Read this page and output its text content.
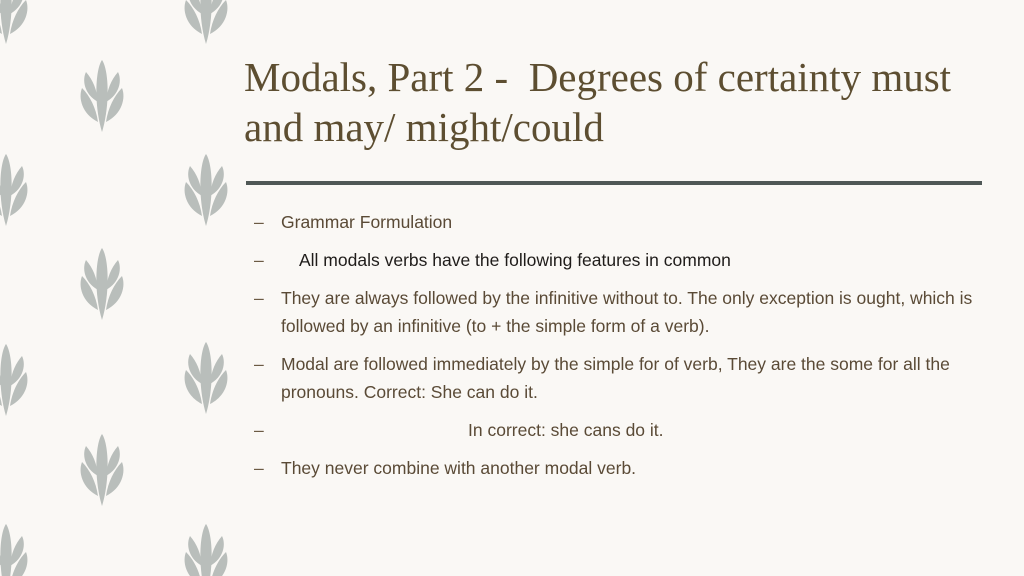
Modals, Part 2 -  Degrees of certainty must and may/ might/could
– Grammar Formulation
– All modals verbs have the following features in common
– They are always followed by the infinitive without to. The only exception is ought, which is followed by an infinitive (to + the simple form of a verb).
– Modal are followed immediately by the simple for of verb, They are the some for all the pronouns. Correct: She can do it.
–	In correct: she cans do it.
– They never combine with another modal verb.
